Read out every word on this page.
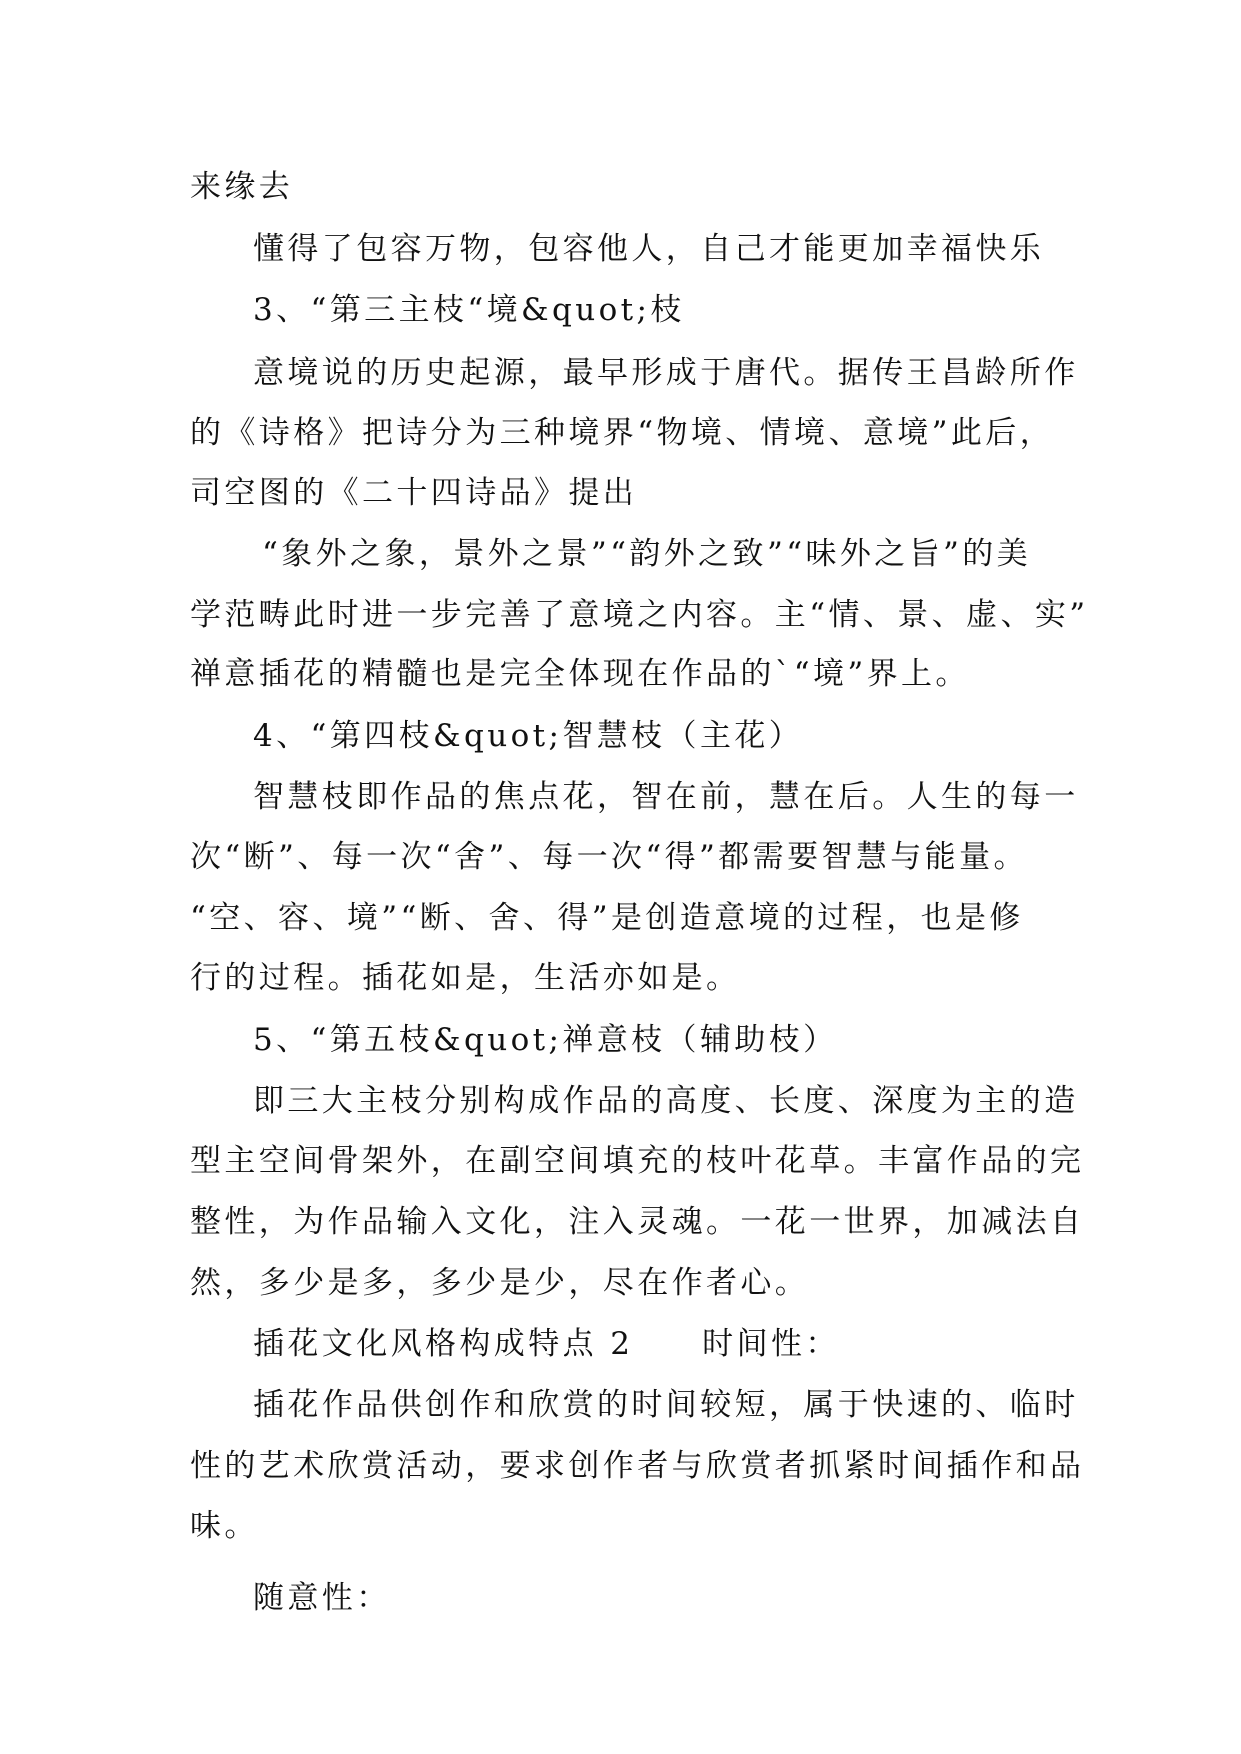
来缘去
懂得了包容万物，包容他人，自己才能更加幸福快乐
3、“第三主枝“境&quot;枝
意境说的历史起源，最早形成于唐代。据传王昌龄所作
的《诗格》把诗分为三种境界“物境、情境、意境”此后，
司空图的《二十四诗品》提出
“象外之象，景外之景”“韵外之致”“味外之旨”的美
学范畴此时进一步完善了意境之内容。主“情、景、虚、实”
禅意插花的精髓也是完全体现在作品的`“境”界上。
4、“第四枝&quot;智慧枝（主花）
智慧枝即作品的焦点花，智在前，慧在后。人生的每一
次“断”、每一次“舍”、每一次“得”都需要智慧与能量。
“空、容、境”“断、舍、得”是创造意境的过程，也是修
行的过程。插花如是，生活亦如是。
5、“第五枝&quot;禅意枝（辅助枝）
即三大主枝分别构成作品的高度、长度、深度为主的造
型主空间骨架外，在副空间填充的枝叶花草。丰富作品的完
整性，为作品输入文化，注入灵魂。一花一世界，加减法自
然，多少是多，多少是少，尽在作者心。
插花文化风格构成特点 2　　时间性：
插花作品供创作和欣赏的时间较短，属于快速的、临时
性的艺术欣赏活动，要求创作者与欣赏者抓紧时间插作和品
味。
随意性：
